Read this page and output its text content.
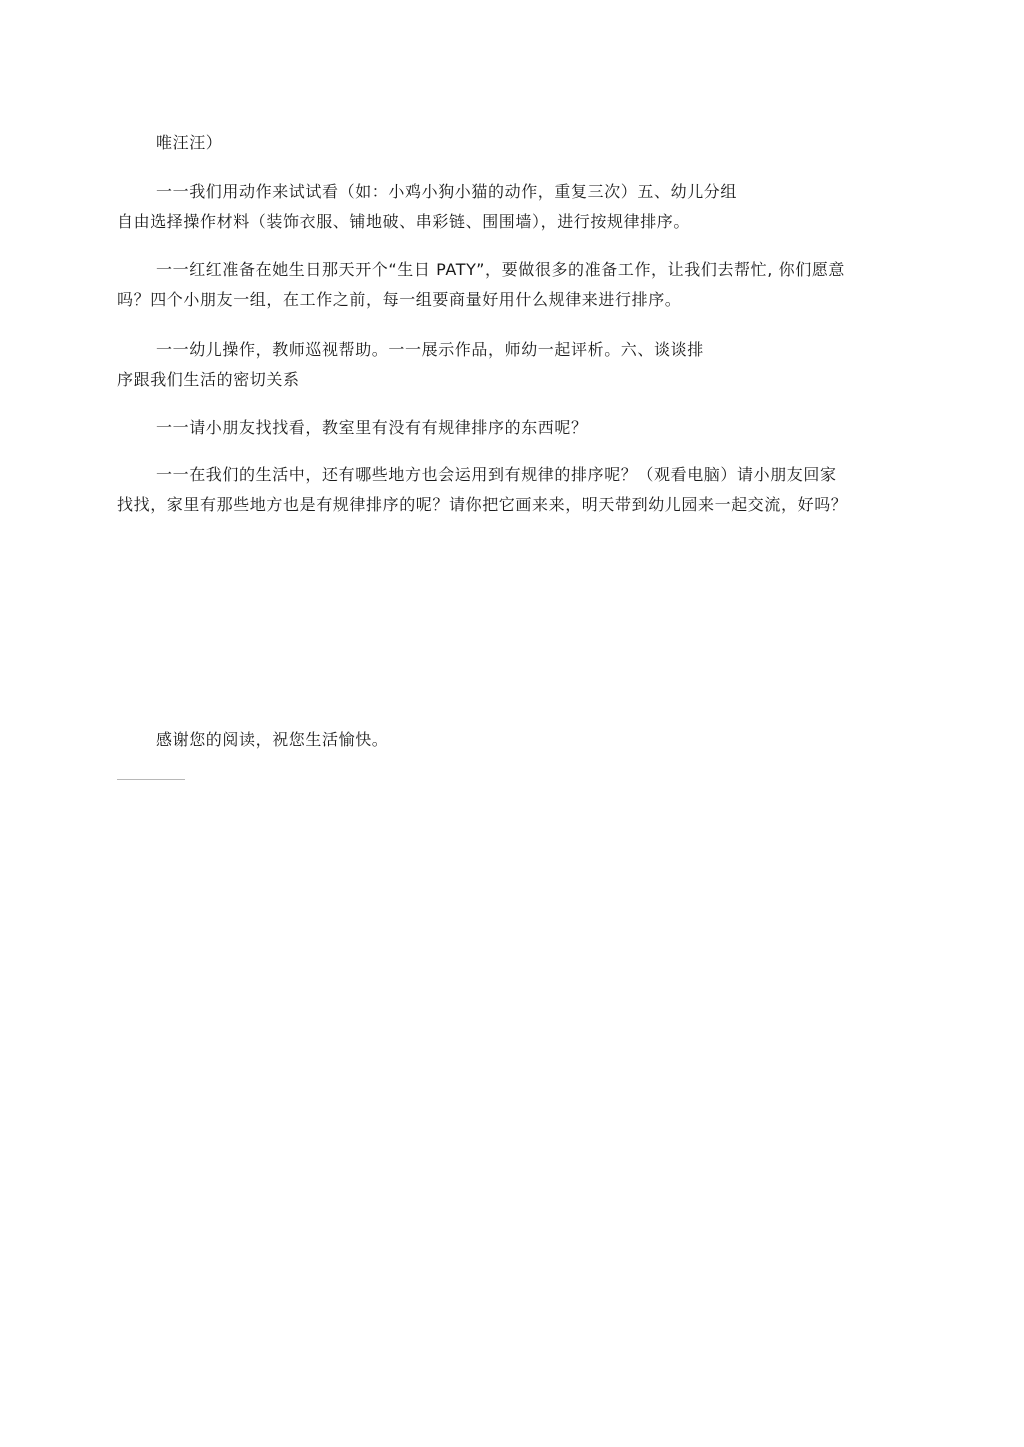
唯汪汪）
一一我们用动作来试试看（如：小鸡小狗小猫的动作，重复三次）五、幼儿分组
自由选择操作材料（装饰衣服、铺地破、串彩链、围围墙），进行按规律排序。
一一红红准备在她生日那天开个“生日 PATY”，要做很多的准备工作，让我们去帮忙, 你们愿意
吗？四个小朋友一组，在工作之前，每一组要商量好用什么规律来进行排序。
一一幼儿操作，教师巡视帮助。一一展示作品，师幼一起评析。六、谈谈排
序跟我们生活的密切关系
一一请小朋友找找看，教室里有没有有规律排序的东西呢？
一一在我们的生活中，还有哪些地方也会运用到有规律的排序呢？（观看电脑）请小朋友回家
找找，家里有那些地方也是有规律排序的呢？请你把它画来来，明天带到幼儿园来一起交流，好吗？
感谢您的阅读，祝您生活愉快。
